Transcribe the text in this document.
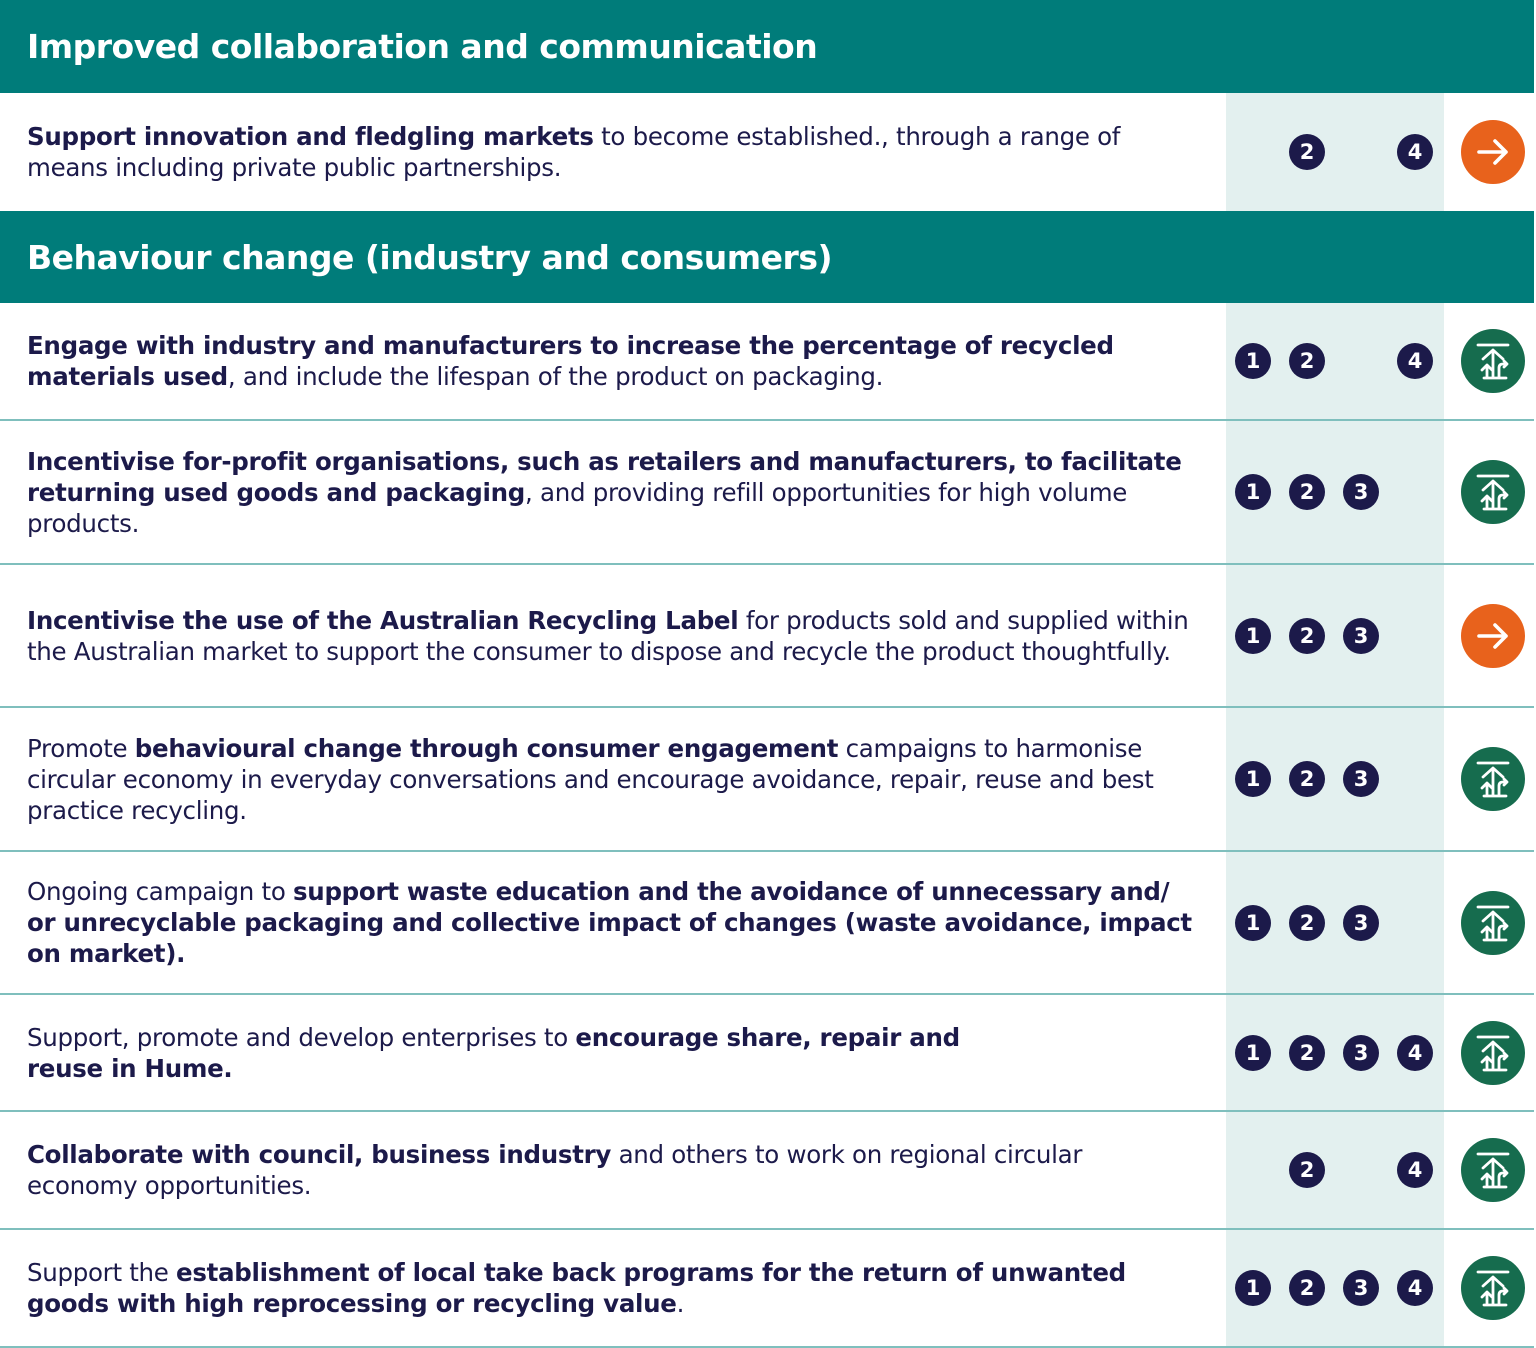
Improved collaboration and communication
Support innovation and fledgling markets to become established., through a range of means including private public partnerships.
2	4
Behaviour change (industry and consumers)
Engage with industry and manufacturers to increase the percentage of recycled materials used, and include the lifespan of the product on packaging.
1	2	4
Incentivise for-profit organisations, such as retailers and manufacturers, to facilitate returning used goods and packaging, and providing refill opportunities for high volume products.
1	2	3
Incentivise the use of the Australian Recycling Label for products sold and supplied within the Australian market to support the consumer to dispose and recycle the product thoughtfully.
1	2	3
Promote behavioural change through consumer engagement campaigns to harmonise circular economy in everyday conversations and encourage avoidance, repair, reuse and best practice recycling.
1	2	3
Ongoing campaign to support waste education and the avoidance of unnecessary and/ or unrecyclable packaging and collective impact of changes (waste avoidance, impact on market).
1	2	3
Support, promote and develop enterprises to encourage share, repair and reuse in Hume.
1	2	3	4
Collaborate with council, business industry and others to work on regional circular economy opportunities.
2	4
Support the establishment of local take back programs for the return of unwanted goods with high reprocessing or recycling value.
1	2	3	4
